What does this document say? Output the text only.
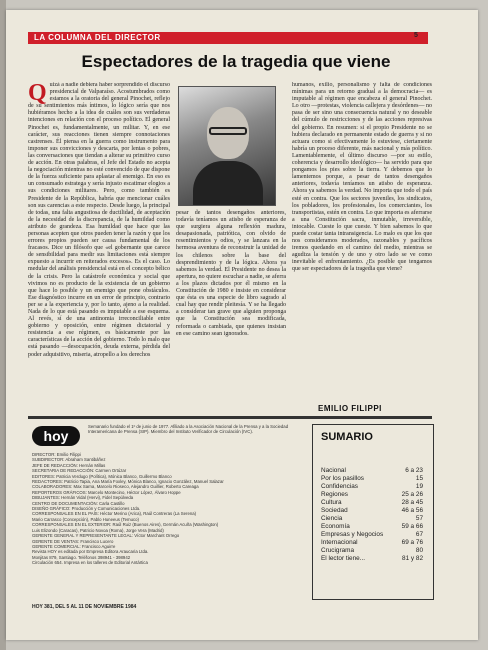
LA COLUMNA DEL DIRECTOR	5
Espectadores de la tragedia que viene
Quizá a nadie debiera haber sorprendido el discurso presidencial de Valparaíso. Acostumbrados como estamos a la oratoria del general Pinochet, reflejo de su sentimientos más íntimos, lo lógico sería que nos hubiéramos hecho a la idea de cuáles son sus verdaderas intenciones en relación con el proceso político. El general Pinochet es, fundamentalmente, un militar. Y, en ese carácter, sus reacciones tienen siempre connotaciones castrenses. Él piensa en la guerra como instrumento para imponer sus convicciones y descarta, por lentas o pobres, las conversaciones que tiendan a alterar su primitivo curso de acción. En otras palabras, el Jefe del Estado no acepta la negociación mientras no esté convencido de que dispone de la fuerza suficiente para aplastar al enemigo. En eso es un consumado estratega y sería injusto escatimar elogios a sus condiciones militares. Pero, como también es Presidente de la República, habría que mencionar cuáles son sus carencias a este respecto. Desde luego, la principal de todas, una falta angustiosa de ductilidad, de aceptación de la necesidad de la discrepancia, de la humildad como atributo de grandeza. Esa humildad que hace que las personas acepten que otros pueden tener la razón y que los errores propios pueden ser causa fundamental de los fracasos. Dice un filósofo que «el gobernante que carece de sensibilidad para medir sus limitaciones está siempre expuesto a incurrir en reiterados excesos». Es el caso. Lo medular del análisis presidencial está en el concepto bélico de la crisis. Pero la catástrofe económica y social que vivimos no es producto de la existencia de un gobierno que hace lo posible y un enemigo que pone obstáculos. Ese diagnóstico incurre en un error de principio, contrario per se a la experiencia y, por lo tanto, ajeno a la realidad. Nada de lo que está pasando es imputable a ese esquema. Al revés, sí de una antinomia irreconciliable entre gobierno y oposición, entre régimen dictatorial y resistencia a ese régimen, es básicamente por las características de la acción del gobierno. Todo lo malo que está pasando —desocupación, deuda externa, pérdida del poder adquisitivo, miseria, atropello a los derechos
pesar de tantos desengaños anteriores, todavía teníamos un atisbo de esperanza de que surgiera alguna reflexión madura, desapasionada, patriótica, con olvido de resentimientos y odios, y se lanzara en la hermosa aventura de reconstruir la unidad de los chilenos sobre la base del desprendimiento y de la lógica. Ahora ya sabemos la verdad. El Presidente no desea la apertura, no quiere escuchar a nadie, se aferra a los plazos dictados por él mismo en la Constitución de 1980 e insiste en considerar que ésta es una especie de libro sagrado al cual hay que rendir pleitesía. Y se ha llegado a considerar tan grave que alguien proponga que la Constitución sea modificada, reformada o cambiada, que quienes insistan en ese camino sean ignorados.
humanos, exilio, personalismo y falta de condiciones mínimas para un retorno gradual a la democracia— es imputable al régimen que encabeza el general Pinochet. Lo otro —protestas, violencia callejera y desórdenes— no pasa de ser sino una consecuencia natural y no deseable del cúmulo de restricciones y de las acciones represivas del gobierno. En resumen: si el propio Presidente no se hubiera declarado en permanente estado de guerra y si no actuara como si efectivamente lo estuviese, ciertamente habría un proceso diferente, más nacional y más político. Lamentablemente, el último discurso —por su estilo, coherencia y desarrollo ideológico— ha servido para que pongamos los pies sobre la tierra. Y debemos que lo lamentemos porque, a pesar de tantos desengaños anteriores, todavía teníamos un atisbo de esperanza. Ahora ya sabemos la verdad. No importa que todo el país esté en contra. Que los sectores juveniles, los sindicatos, los pobladores, los profesionales, los comerciantes, los transportistas, estén en contra. Lo que importa es aferrarse a una Constitución sacra, inmutable, irreversible, intocable. Cueste lo que cueste. Y bien sabemos lo que puede costar tanta intransigencia. Lo malo es que los que nos consideramos moderados, razonables y pacíficos iremos quedando en el camino del medio, mientras se agudiza la tensión y de uno y otro lado se ve como inevitable el enfrentamiento. ¿Es posible que tengamos que ser espectadores de la tragedia que viene?
EMILIO FILIPPI
hoy
Semanario fundado el 1º de junio de 1977. Afiliado a la Asociación Nacional de la Prensa y a la Sociedad Interamericana de Prensa (SIP). Miembro del Instituto Verificador de Circulación (IVC).
DIRECTOR: Emilio Filippi
SUBDIRECTOR: Abraham Santibáñez
JEFE DE REDACCIÓN: Hernán Millas
SECRETARIA DE REDACCIÓN: Carmen Ortúzar
EDITORES: Patricia Verdugo (Política), Mónica Blanco, Guillermo Blanco
REDACTORES: Patricio Tapia, Ana María Foxley, Mónica Blanco, Ignacio González, Manuel Salazar
COLABORADORES: Max Sarna, Marcelo Rioseco, Alejandro Guillier, Roberto Careaga
REPORTEROS GRÁFICOS: Marcelo Montecino, Héctor López, Álvaro Hoppe
DIBUJANTES: Hernán Vidal (Hervi), Fidel Sepúlveda
CENTRO DE DOCUMENTACIÓN: Carla Castillo
DISEÑO GRÁFICO: Producción y Comunicaciones Ltda.
CORRESPONSALES EN EL PAÍS: Héctor Merino (Arica), Raúl Contreras (La Serena)
Mario Carrasco (Concepción), Pablo Huneeus (Temuco)
CORRESPONSALES EN EL EXTERIOR: Raúl Ruiz (Buenos Aires), Germán Acuña (Washington)
Luis Elizondo (Caracas), Patricio Novoa (Roma), Jorge Vera (Madrid)
GERENTE GENERAL Y REPRESENTANTE LEGAL: Víctor Marchant Orrego
GERENTE DE VENTAS: Francisco Lucero
GERENTE COMERCIAL: Francisco Aguirre
Revista HOY es editada por Empresa Editora Araucaria Ltda.
Monjitas 879, Santiago. Teléfonos 398941 - 398942
Circulación 654. Impresa en los talleres de Editorial Antártica
SUMARIO
Nacional	6 a 23
Por los pasillos	15
Confidencias	19
Regiones	25 a 26
Cultura	28 a 45
Sociedad	46 a 56
Ciencia	57
Economía	59 a 66
Empresas y Negocios	67
Internacional	69 a 76
Crucigrama	80
El lector tiene...	81 y 82
HOY 381, DEL 5 AL 11 DE NOVIEMBRE 1984
